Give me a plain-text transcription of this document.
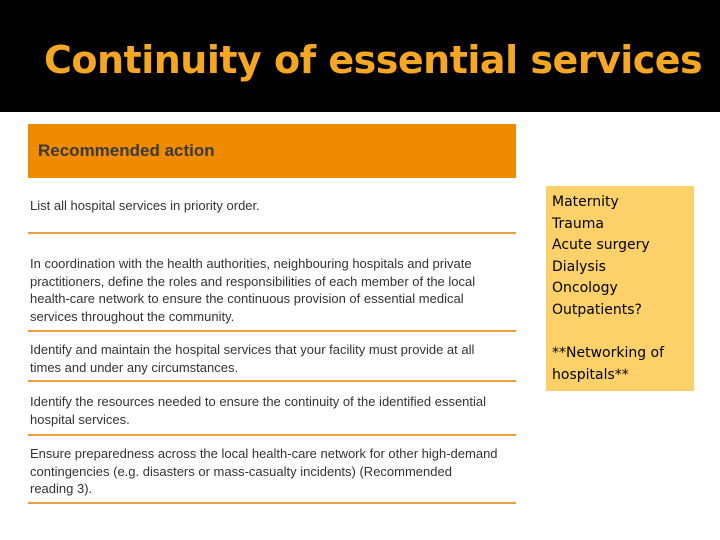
Continuity of essential services
Recommended action
List all hospital services in priority order.
In coordination with the health authorities, neighbouring hospitals and private practitioners, define the roles and responsibilities of each member of the local health-care network to ensure the continuous provision of essential medical services throughout the community.
Identify and maintain the hospital services that your facility must provide at all times and under any circumstances.
Identify the resources needed to ensure the continuity of the identified essential hospital services.
Ensure preparedness across the local health-care network for other high-demand contingencies (e.g. disasters or mass-casualty incidents) (Recommended reading 3).
Maternity
Trauma
Acute surgery
Dialysis
Oncology
Outpatients?
**Networking of hospitals**
